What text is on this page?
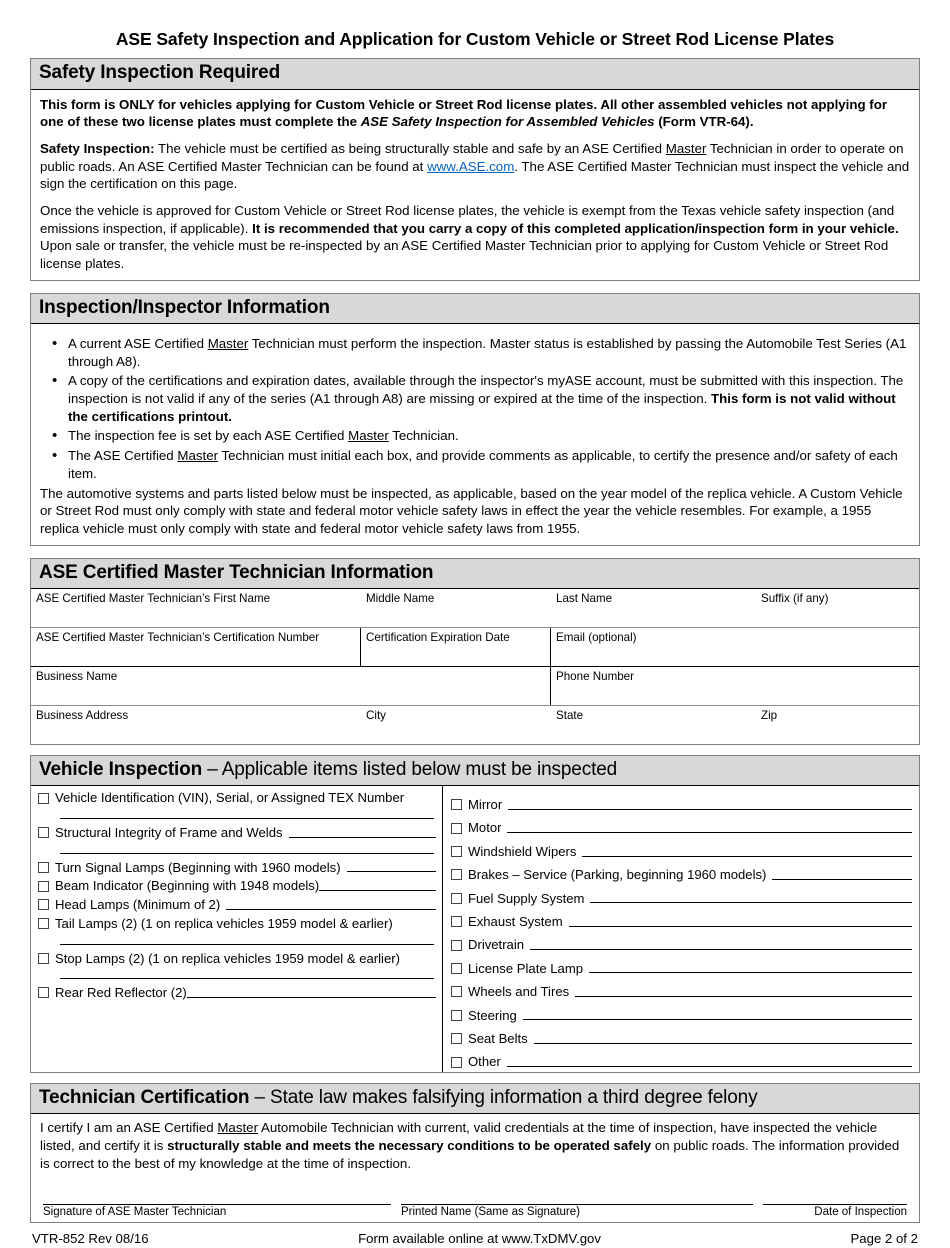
ASE Safety Inspection and Application for Custom Vehicle or Street Rod License Plates
Safety Inspection Required

This form is ONLY for vehicles applying for Custom Vehicle or Street Rod license plates. All other assembled vehicles not applying for one of these two license plates must complete the ASE Safety Inspection for Assembled Vehicles (Form VTR-64).

Safety Inspection: The vehicle must be certified as being structurally stable and safe by an ASE Certified Master Technician in order to operate on public roads. An ASE Certified Master Technician can be found at www.ASE.com. The ASE Certified Master Technician must inspect the vehicle and sign the certification on this page.

Once the vehicle is approved for Custom Vehicle or Street Rod license plates, the vehicle is exempt from the Texas vehicle safety inspection (and emissions inspection, if applicable). It is recommended that you carry a copy of this completed application/inspection form in your vehicle. Upon sale or transfer, the vehicle must be re-inspected by an ASE Certified Master Technician prior to applying for Custom Vehicle or Street Rod license plates.

Inspection/Inspector Information
• A current ASE Certified Master Technician must perform the inspection. Master status is established by passing the Automobile Test Series (A1 through A8).
• A copy of the certifications and expiration dates, available through the inspector's myASE account, must be submitted with this inspection. The inspection is not valid if any of the series (A1 through A8) are missing or expired at the time of the inspection. This form is not valid without the certifications printout.
• The inspection fee is set by each ASE Certified Master Technician.
• The ASE Certified Master Technician must initial each box, and provide comments as applicable, to certify the presence and/or safety of each item.

The automotive systems and parts listed below must be inspected, as applicable, based on the year model of the replica vehicle. A Custom Vehicle or Street Rod must only comply with state and federal motor vehicle safety laws in effect the year the vehicle resembles. For example, a 1955 replica vehicle must only comply with state and federal motor vehicle safety laws from 1955.

ASE Certified Master Technician Information
ASE Certified Master Technician’s First Name	Middle Name	Last Name	Suffix (if any)
ASE Certified Master Technician’s Certification Number	Certification Expiration Date	Email (optional)
Business Name	Phone Number
Business Address	City	State	Zip
Vehicle Inspection – Applicable items listed below must be inspected
Vehicle Identification (VIN), Serial, or Assigned TEX Number
Structural Integrity of Frame and Welds
Turn Signal Lamps (Beginning with 1960 models)
Beam Indicator (Beginning with 1948 models)
Head Lamps (Minimum of 2)
Tail Lamps (2) (1 on replica vehicles 1959 model & earlier)
Stop Lamps (2) (1 on replica vehicles 1959 model & earlier)
Rear Red Reflector (2)
Mirror
Motor
Windshield Wipers
Brakes – Service (Parking, beginning 1960 models)
Fuel Supply System
Exhaust System
Drivetrain
License Plate Lamp
Wheels and Tires
Steering
Seat Belts
Other
Technician Certification – State law makes falsifying information a third degree felony

I certify I am an ASE Certified Master Automobile Technician with current, valid credentials at the time of inspection, have inspected the vehicle listed, and certify it is structurally stable and meets the necessary conditions to be operated safely on public roads. The information provided is correct to the best of my knowledge at the time of inspection.

Signature of ASE Master Technician	Printed Name (Same as Signature)	Date of Inspection
VTR-852 Rev 08/16	Form available online at www.TxDMV.gov	Page 2 of 2
